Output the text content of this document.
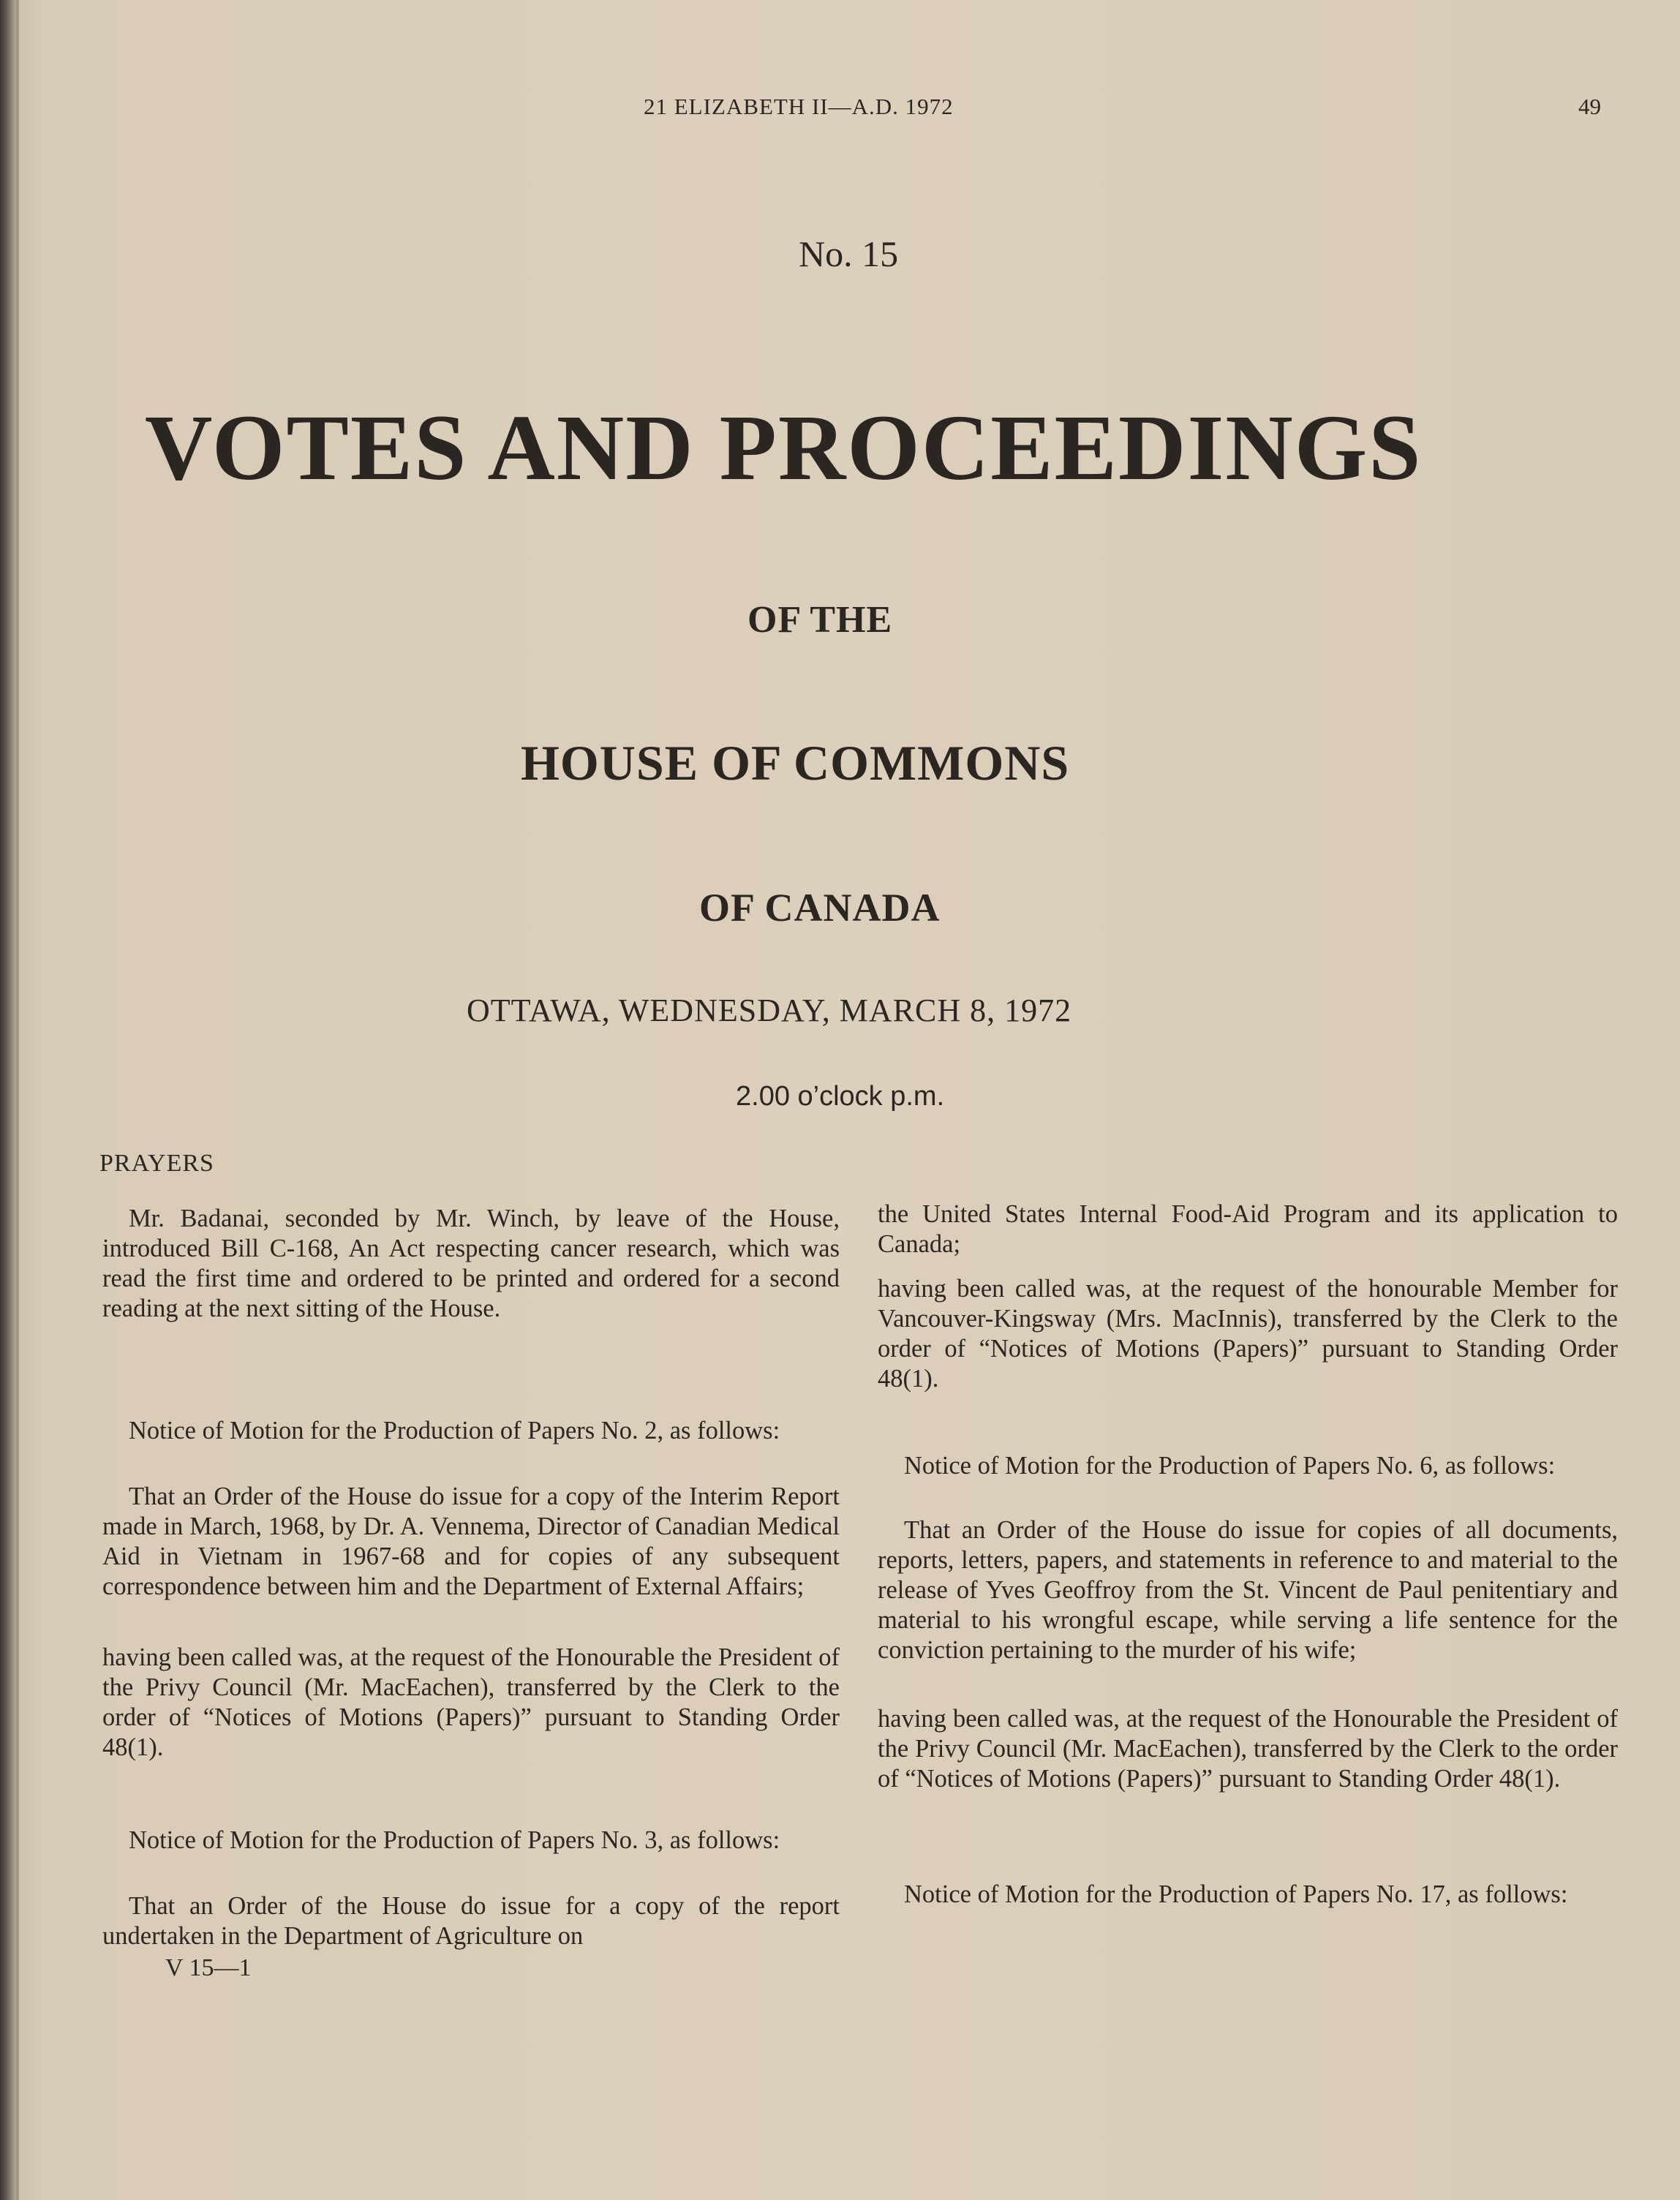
21 ELIZABETH II—A.D. 1972	49
No. 15
VOTES AND PROCEEDINGS
OF THE
HOUSE OF COMMONS
OF CANADA
OTTAWA, WEDNESDAY, MARCH 8, 1972
2.00 o’clock p.m.
PRAYERS

Mr. Badanai, seconded by Mr. Winch, by leave of the House, introduced Bill C-168, An Act respecting cancer research, which was read the first time and ordered to be printed and ordered for a second reading at the next sitting of the House.

Notice of Motion for the Production of Papers No. 2, as follows:

That an Order of the House do issue for a copy of the Interim Report made in March, 1968, by Dr. A. Vennema, Director of Canadian Medical Aid in Vietnam in 1967-68 and for copies of any subsequent correspondence between him and the Department of External Affairs;

having been called was, at the request of the Honourable the President of the Privy Council (Mr. MacEachen), transferred by the Clerk to the order of “Notices of Motions (Papers)” pursuant to Standing Order 48(1).

Notice of Motion for the Production of Papers No. 3, as follows:

That an Order of the House do issue for a copy of the report undertaken in the Department of Agriculture on

the United States Internal Food-Aid Program and its application to Canada;

having been called was, at the request of the honourable Member for Vancouver-Kingsway (Mrs. MacInnis), transferred by the Clerk to the order of “Notices of Motions (Papers)” pursuant to Standing Order 48(1).

Notice of Motion for the Production of Papers No. 6, as follows:

That an Order of the House do issue for copies of all documents, reports, letters, papers, and statements in reference to and material to the release of Yves Geoffroy from the St. Vincent de Paul penitentiary and material to his wrongful escape, while serving a life sentence for the conviction pertaining to the murder of his wife;

having been called was, at the request of the Honourable the President of the Privy Council (Mr. MacEachen), transferred by the Clerk to the order of “Notices of Motions (Papers)” pursuant to Standing Order 48(1).

Notice of Motion for the Production of Papers No. 17, as follows:

V 15—1
